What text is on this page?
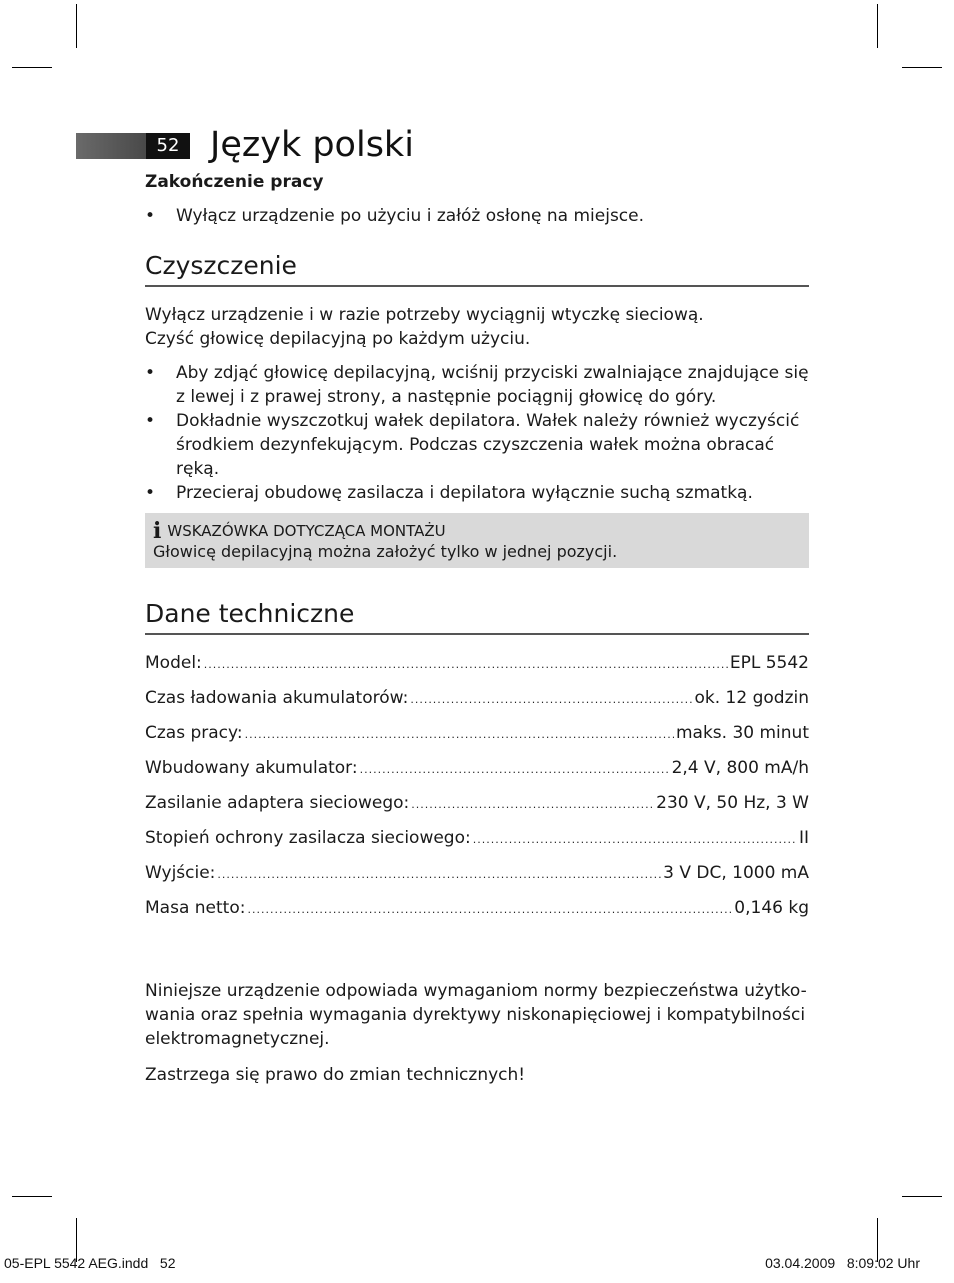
52 Język polski
Zakończenie pracy
• Wyłącz urządzenie po użyciu i załóż osłonę na miejsce.
Czyszczenie

Wyłącz urządzenie i w razie potrzeby wyciągnij wtyczkę sieciową. Czyść głowicę depilacyjną po każdym użyciu.

• Aby zdjąć głowicę depilacyjną, wciśnij przyciski zwalniające znajdujące się z lewej i z prawej strony, a następnie pociągnij głowicę do góry.
• Dokładnie wyszczotkuj wałek depilatora. Wałek należy również wyczyścić środkiem dezynfekującym. Podczas czyszczenia wałek można obracać ręką.
• Przecieraj obudowę zasilacza i depilatora wyłącznie suchą szmatką.
i WSKAZÓWKA DOTYCZĄCA MONTAŻU
Głowicę depilacyjną można założyć tylko w jednej pozycji.
Dane techniczne
Model: .....	EPL 5542
Czas ładowania akumulatorów: .....	ok. 12 godzin
Czas pracy: .....	maks. 30 minut
Wbudowany akumulator: .....	2,4 V, 800 mA/h
Zasilanie adaptera sieciowego: .....	230 V, 50 Hz, 3 W
Stopień ochrony zasilacza sieciowego: .....	II
Wyjście: .....	3 V DC, 1000 mA
Masa netto: .....	0,146 kg

Niniejsze urządzenie odpowiada wymaganiom normy bezpieczeństwa użytko-wania oraz spełnia wymagania dyrektywy niskonapięciowej i kompatybilności elektromagnetycznej.

Zastrzega się prawo do zmian technicznych!

05-EPL 5542 AEG.indd   52	03.04.2009   8:09:02 Uhr
